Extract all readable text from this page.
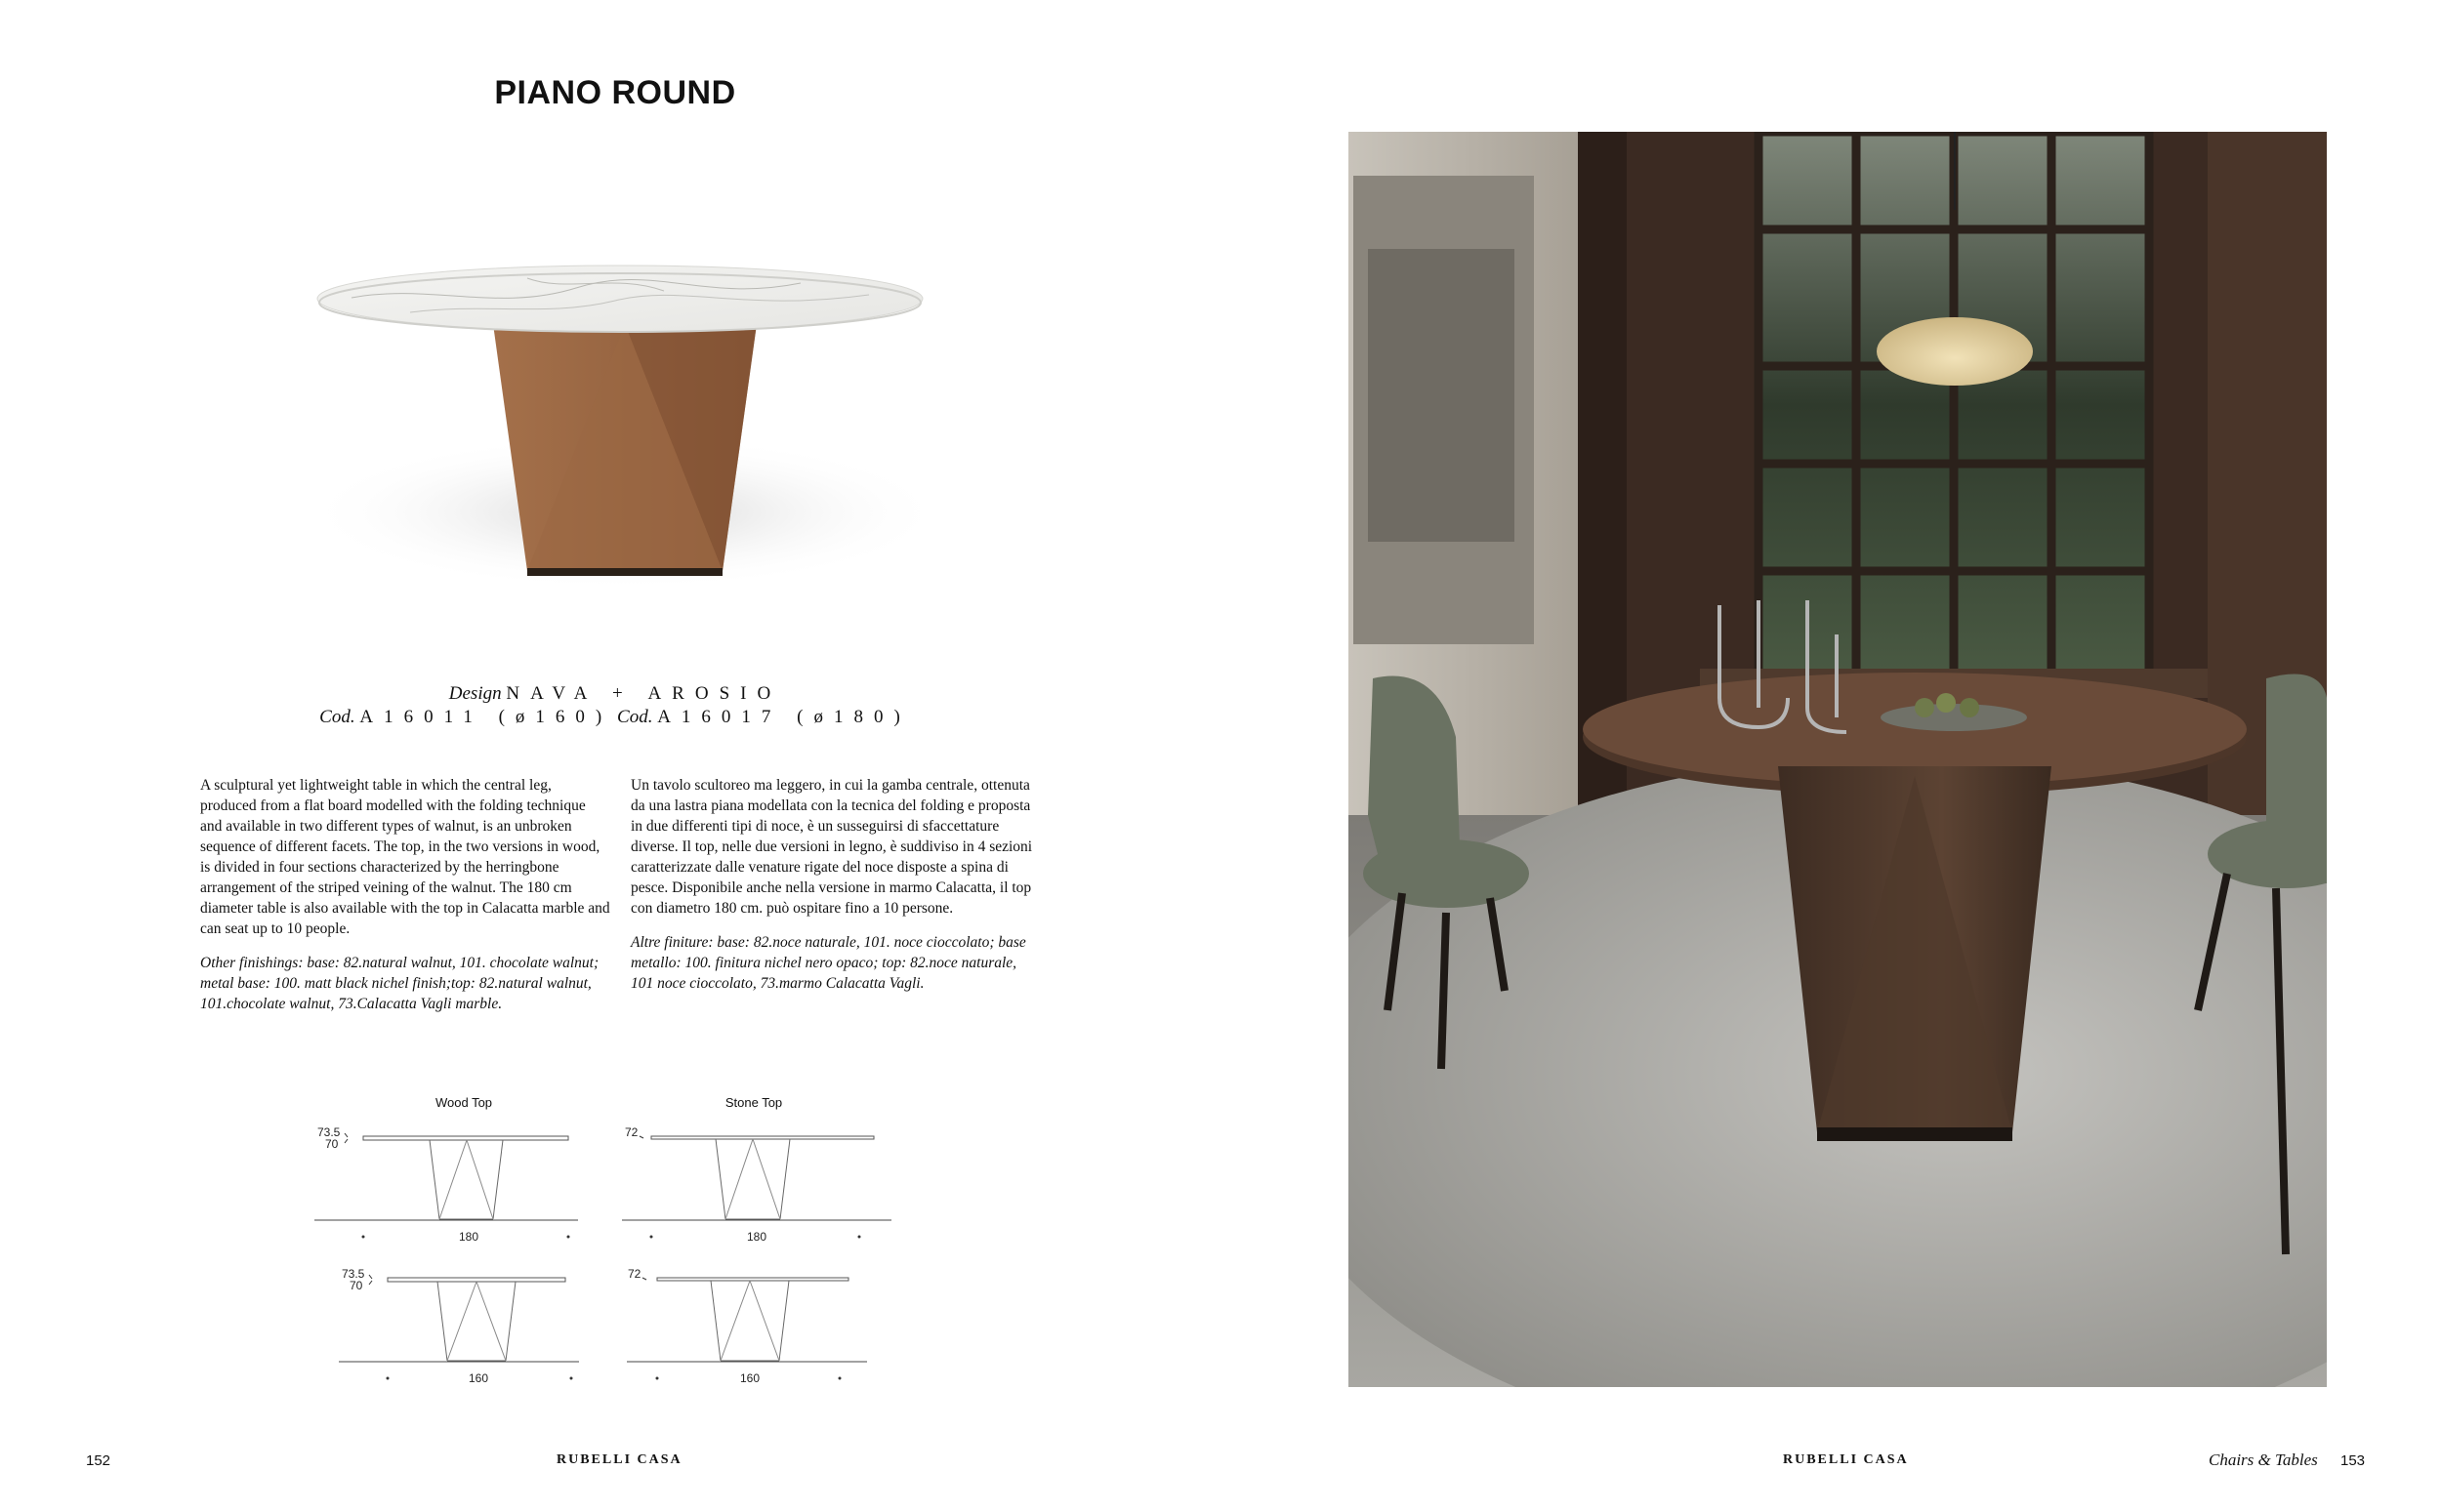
PIANO ROUND
Design NAVA + AROSIO
Cod. A16011 (ø160) Cod. A16017 (ø180)

A sculptural yet lightweight table in which the central leg, produced from a flat board modelled with the folding technique and available in two different types of walnut, is an unbroken sequence of different facets. The top, in the two versions in wood, is divided in four sections characterized by the herringbone arrangement of the striped veining of the walnut. The 180 cm diameter table is also available with the top in Calacatta marble and can seat up to 10 people.

Other finishings: base: 82.natural walnut, 101. chocolate walnut; metal base: 100. matt black nichel finish;top: 82.natural walnut, 101.chocolate walnut, 73.Calacatta Vagli marble.

Un tavolo scultoreo ma leggero, in cui la gamba centrale, ottenuta da una lastra piana modellata con la tecnica del folding e proposta in due differenti tipi di noce, è un susseguirsi di sfaccettature diverse. Il top, nelle due versioni in legno, è suddiviso in 4 sezioni caratterizzate dalle venature rigate del noce disposte a spina di pesce. Disponibile anche nella versione in marmo Calacatta, il top con diametro 180 cm. può ospitare fino a 10 persone.

Altre finiture: base: 82.noce naturale, 101. noce cioccolato; base metallo: 100. finitura nichel nero opaco; top: 82.noce naturale, 101 noce cioccolato, 73.marmo Calacatta Vagli.

Wood Top	Stone Top
73.5
70
180
72
180
73.5
70
160
72
160
152	RUBELLI CASA	RUBELLI CASA	Chairs & Tables 153
